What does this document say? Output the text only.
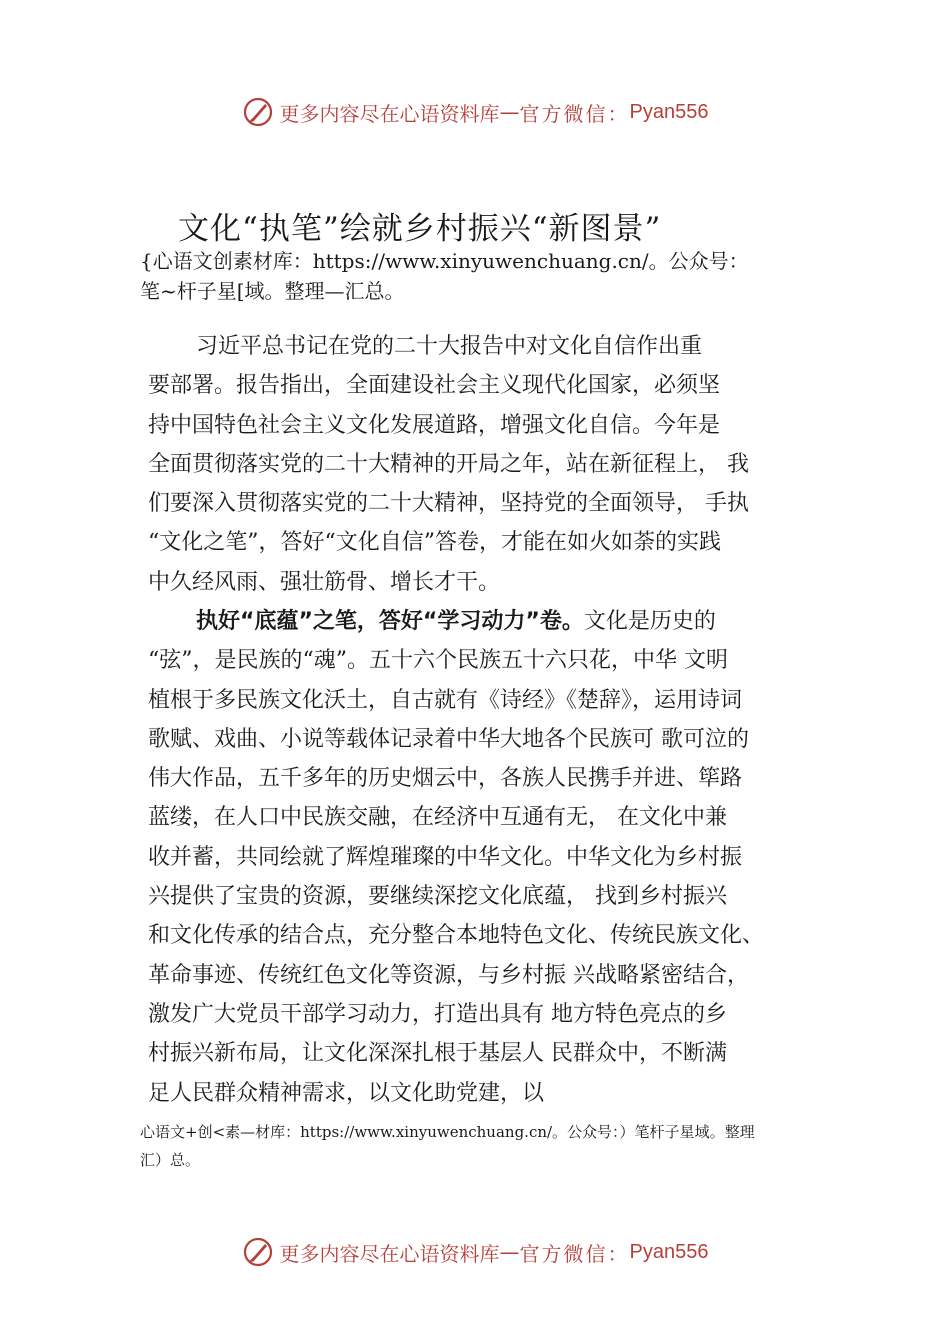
更多内容尽在心语资料库 — 官方微信： Pyan556
文化“执笔”绘就乡村振兴“新图景”
{心语文创素材库：https://www.xinyuwenchuang.cn/。公众号：
笔~杆子星[域。整理—汇总。
习近平总书记在党的二十大报告中对文化自信作出重
要部署。报告指出，全面建设社会主义现代化国家，必须坚
持中国特色社会主义文化发展道路，增强文化自信。今年是
全面贯彻落实党的二十大精神的开局之年，站在新征程上， 我
们要深入贯彻落实党的二十大精神，坚持党的全面领导， 手执
“文化之笔”，答好“文化自信”答卷，才能在如火如荼的实践
中久经风雨、强壮筋骨、增长才干。
执好“底蕴”之笔，答好“学习动力”卷。文化是历史的
“弦”，是民族的“魂”。五十六个民族五十六只花，中华 文明
植根于多民族文化沃土，自古就有《诗经》《楚辞》，运用诗词
歌赋、戏曲、小说等载体记录着中华大地各个民族可 歌可泣的
伟大作品，五千多年的历史烟云中，各族人民携手并进、筚路
蓝缕，在人口中民族交融，在经济中互通有无， 在文化中兼
收并蓄，共同绘就了辉煌璀璨的中华文化。中华文化为乡村振
兴提供了宝贵的资源，要继续深挖文化底蕴， 找到乡村振兴
和文化传承的结合点，充分整合本地特色文化、传统民族文化、
革命事迹、传统红色文化等资源，与乡村振 兴战略紧密结合，
激发广大党员干部学习动力，打造出具有 地方特色亮点的乡
村振兴新布局，让文化深深扎根于基层人 民群众中，不断满
足人民群众精神需求，以文化助党建，以
心语文+创<素—材库：https://www.xinyuwenchuang.cn/。公众号：）笔杆子星域。整理
汇）总。
更多内容尽在心语资料库 — 官方微信： Pyan556
